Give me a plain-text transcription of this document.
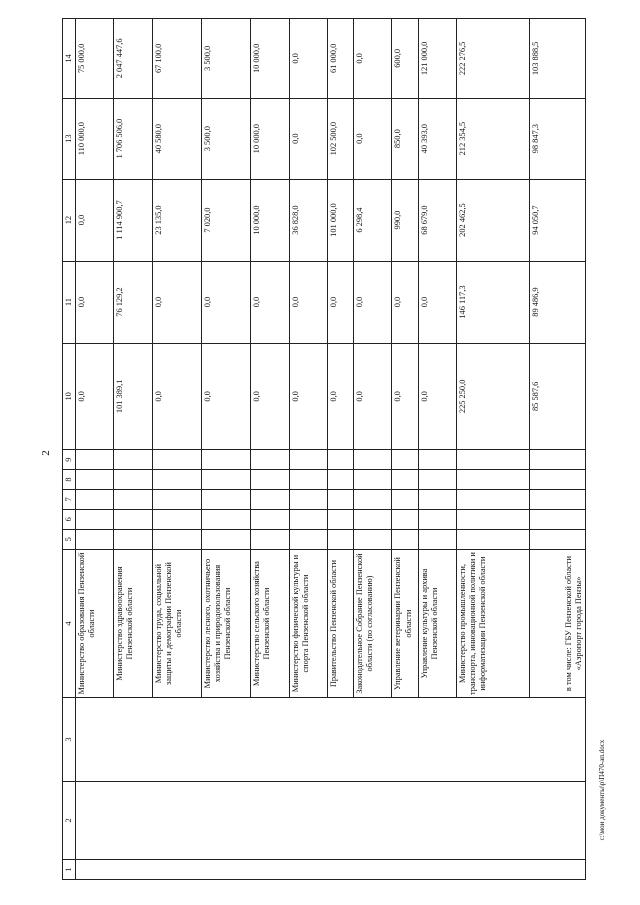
2
c:\мои документы\р\П470-ап.docx
1	2	3	4	5	6	7	8	9	10	11	12	13	14
			Министерство образования Пензенской области						0,0	0,0	0,0	110 000,0	75 000,0
			Министерство здравоохранения Пензенской области						101 389,1	76 129,2	1 114 900,7	1 706 506,0	2 047 447,6
			Министерство труда, социальной защиты и демографии Пензенской области						0,0	0,0	23 135,0	40 580,0	67 100,0
			Министерство лесного, охотничьего хозяйства и природопользования Пензенской области						0,0	0,0	7 020,0	3 500,0	3 500,0
			Министерство сельского хозяйства Пензенской области						0,0	0,0	10 000,0	10 000,0	10 000,0
			Министерство физической культуры и спорта Пензенской области						0,0	0,0	36 828,0	0,0	0,0
			Правительство Пензенской области						0,0	0,0	101 000,0	102 500,0	61 000,0
			Законодательное Собрание Пензенской области (по согласованию)						0,0	0,0	6 298,4	0,0	0,0
			Управление ветеринарии Пензенской области						0,0	0,0	990,0	850,0	600,0
			Управление культуры и архива Пензенской области						0,0	0,0	68 679,0	40 393,0	121 000,0
			Министерство промышленности, транспорта, инновационной политики и информатизации Пензенской области						225 250,0	146 117,3	202 462,5	212 354,5	222 276,5
			в том числе: ГБУ Пензенской области «Аэропорт города Пензы»						85 587,6	89 486,9	94 050,7	98 847,3	103 888,5
